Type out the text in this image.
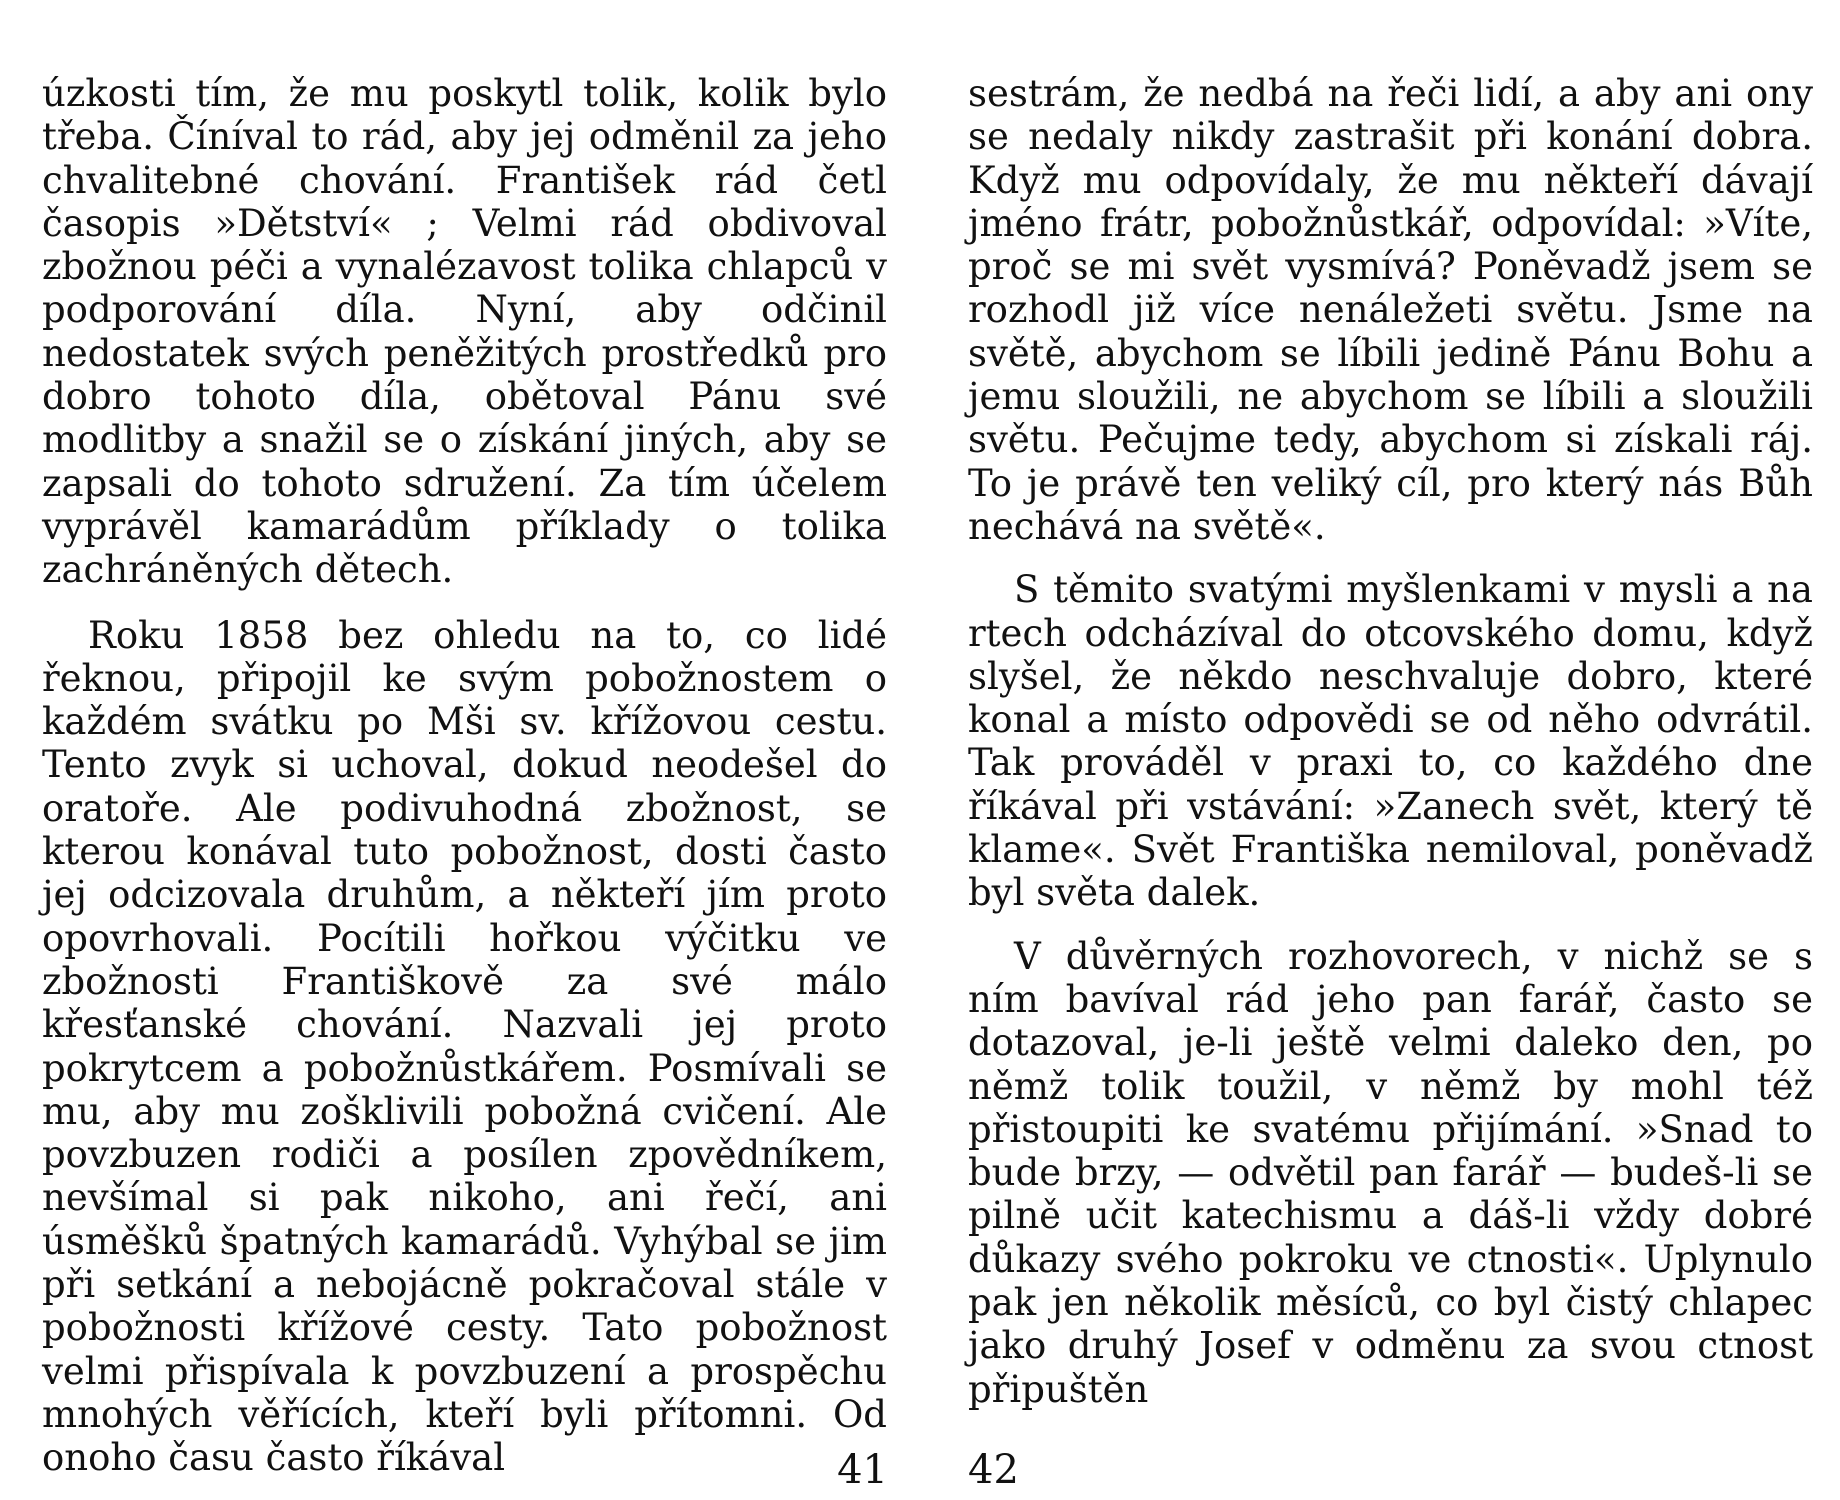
úzkosti tím, že mu poskytl tolik, kolik bylo třeba. Číníval to rád, aby jej odměnil za jeho chvalitebné chování. František rád četl časopis »Dětství« ; Velmi rád obdivoval zbožnou péči a vynalézavost tolika chlapců v podporování díla. Nyní, aby odčinil nedostatek svých peněžitých prostředků pro dobro tohoto díla, obětoval Pánu své modlitby a snažil se o získání jiných, aby se zapsali do tohoto sdružení. Za tím účelem vyprávěl kamarádům příklady o tolika zachráněných dětech.

Roku 1858 bez ohledu na to, co lidé řeknou, připojil ke svým pobožnostem o každém svátku po Mši sv. křížovou cestu. Tento zvyk si uchoval, dokud neodešel do oratoře. Ale podivuhodná zbožnost, se kterou konával tuto pobožnost, dosti často jej odcizovala druhům, a někteří jím proto opovrhovali. Pocítili hořkou výčitku ve zbožnosti Františkově za své málo křesťanské chování. Nazvali jej proto pokrytcem a pobožnůstkářem. Posmívali se mu, aby mu zošklivili pobožná cvičení. Ale povzbuzen rodiči a posílen zpovědníkem, nevšímal si pak nikoho, ani řečí, ani úsměšků špatných kamarádů. Vyhýbal se jim při setkání a nebojácně pokračoval stále v pobožnosti křížové cesty. Tato pobožnost velmi přispívala k povzbuzení a prospěchu mnohých věřících, kteří byli přítomni. Od onoho času často říkával

sestrám, že nedbá na řeči lidí, a aby ani ony se nedaly nikdy zastrašit při konání dobra. Když mu odpovídaly, že mu někteří dávají jméno frátr, pobožnůstkář, odpovídal: »Víte, proč se mi svět vysmívá? Poněvadž jsem se rozhodl již více nenáležeti světu. Jsme na světě, abychom se líbili jedině Pánu Bohu a jemu sloužili, ne abychom se líbili a sloužili světu. Pečujme tedy, abychom si získali ráj. To je právě ten veliký cíl, pro který nás Bůh nechává na světě«.

S těmito svatými myšlenkami v mysli a na rtech odcházíval do otcovského domu, když slyšel, že někdo neschvaluje dobro, které konal a místo odpovědi se od něho odvrátil. Tak prováděl v praxi to, co každého dne říkával při vstávání: »Zanech svět, který tě klame«. Svět Františka nemiloval, poněvadž byl světa dalek.

V důvěrných rozhovorech, v nichž se s ním bavíval rád jeho pan farář, často se dotazoval, je-li ještě velmi daleko den, po němž tolik toužil, v němž by mohl též přistoupiti ke svatému přijímání. »Snad to bude brzy, — odvětil pan farář — budeš-li se pilně učit katechismu a dáš-li vždy dobré důkazy svého pokroku ve ctnosti«. Uplynulo pak jen několik měsíců, co byl čistý chlapec jako druhý Josef v odměnu za svou ctnost připuštěn

41 42
